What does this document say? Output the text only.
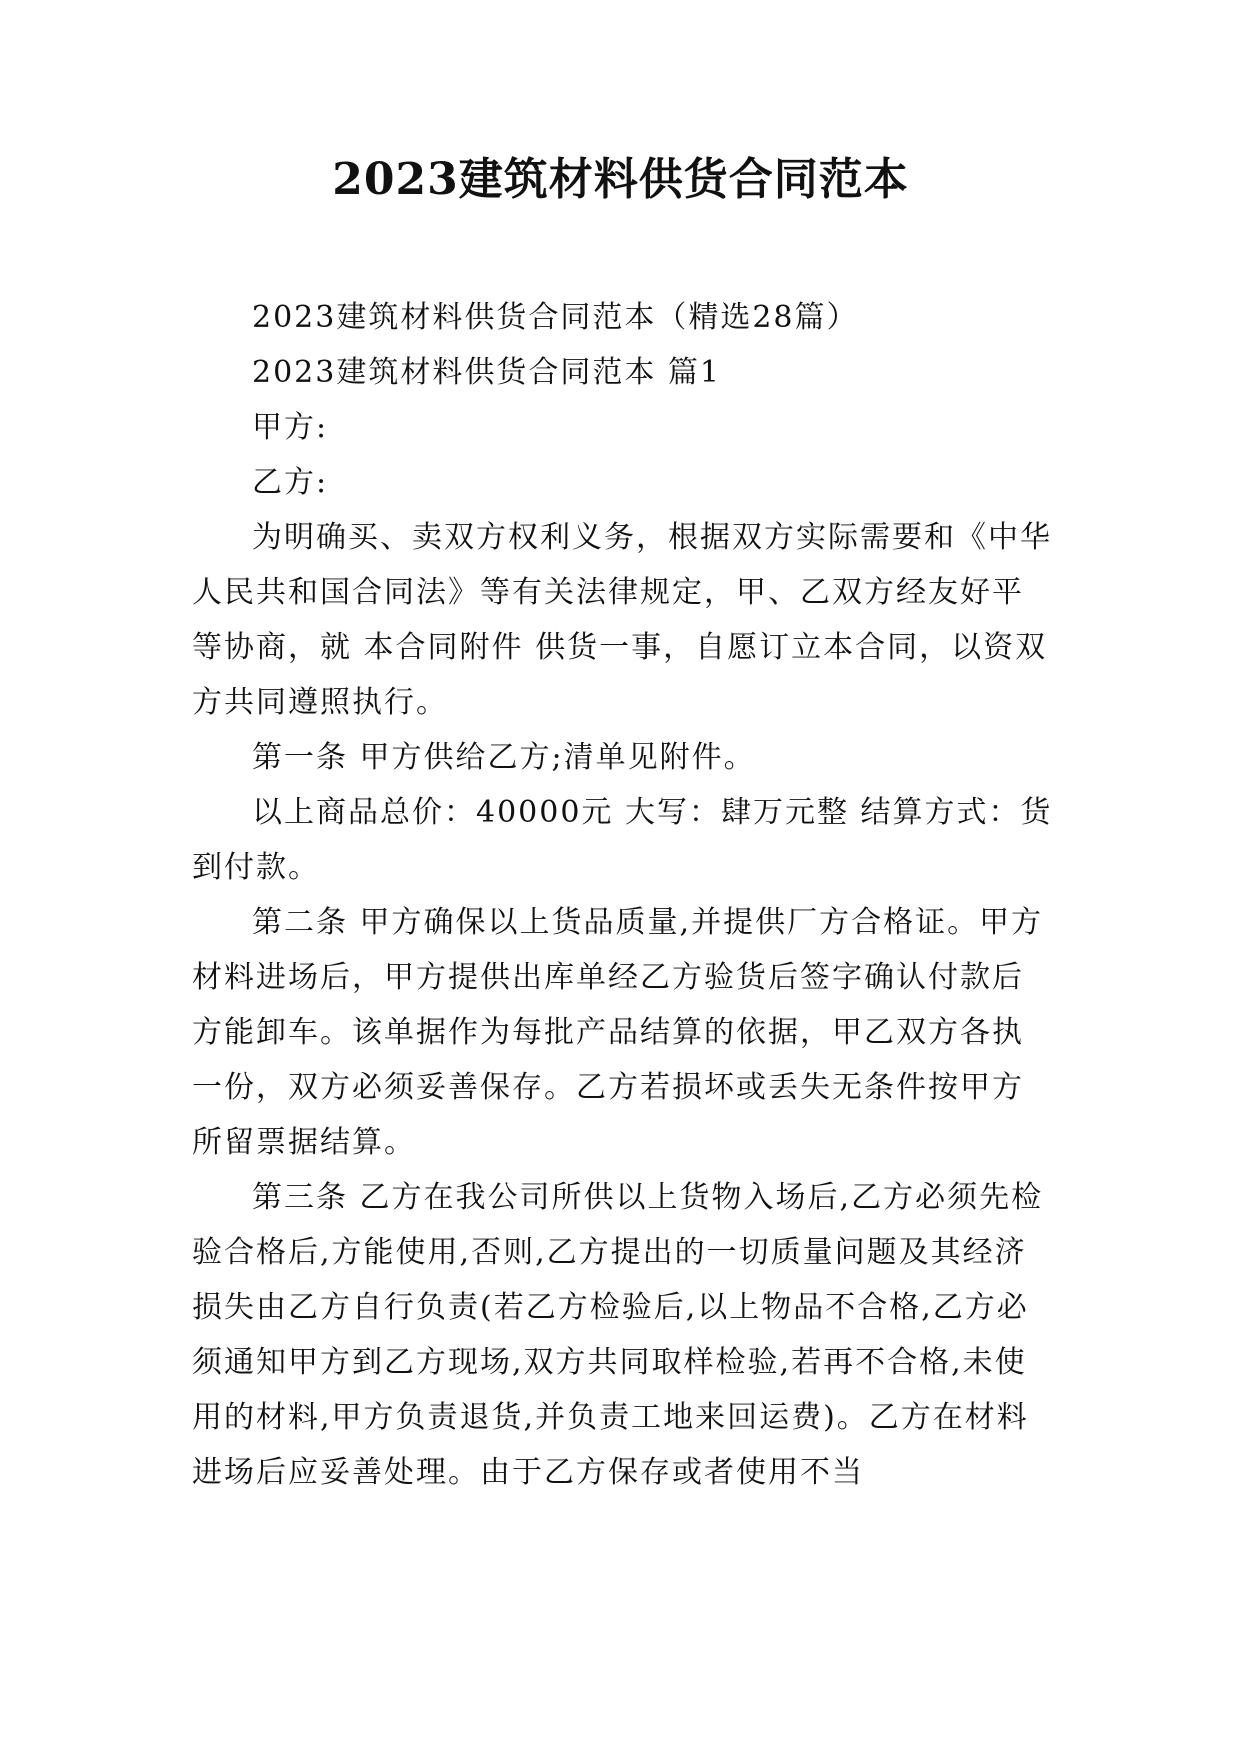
2023建筑材料供货合同范本

2023建筑材料供货合同范本（精选28篇）

2023建筑材料供货合同范本 篇1

甲方:

乙方:

为明确买、卖双方权利义务，根据双方实际需要和《中华人民共和国合同法》等有关法律规定，甲、乙双方经友好平等协商，就 本合同附件 供货一事，自愿订立本合同，以资双方共同遵照执行。

第一条 甲方供给乙方;清单见附件。

以上商品总价：40000元 大写：肆万元整 结算方式：货到付款。

第二条 甲方确保以上货品质量,并提供厂方合格证。甲方材料进场后，甲方提供出库单经乙方验货后签字确认付款后方能卸车。该单据作为每批产品结算的依据，甲乙双方各执一份，双方必须妥善保存。乙方若损坏或丢失无条件按甲方所留票据结算。

第三条 乙方在我公司所供以上货物入场后,乙方必须先检验合格后,方能使用,否则,乙方提出的一切质量问题及其经济损失由乙方自行负责(若乙方检验后,以上物品不合格,乙方必须通知甲方到乙方现场,双方共同取样检验,若再不合格,未使用的材料,甲方负责退货,并负责工地来回运费)。乙方在材料进场后应妥善处理。由于乙方保存或者使用不当
